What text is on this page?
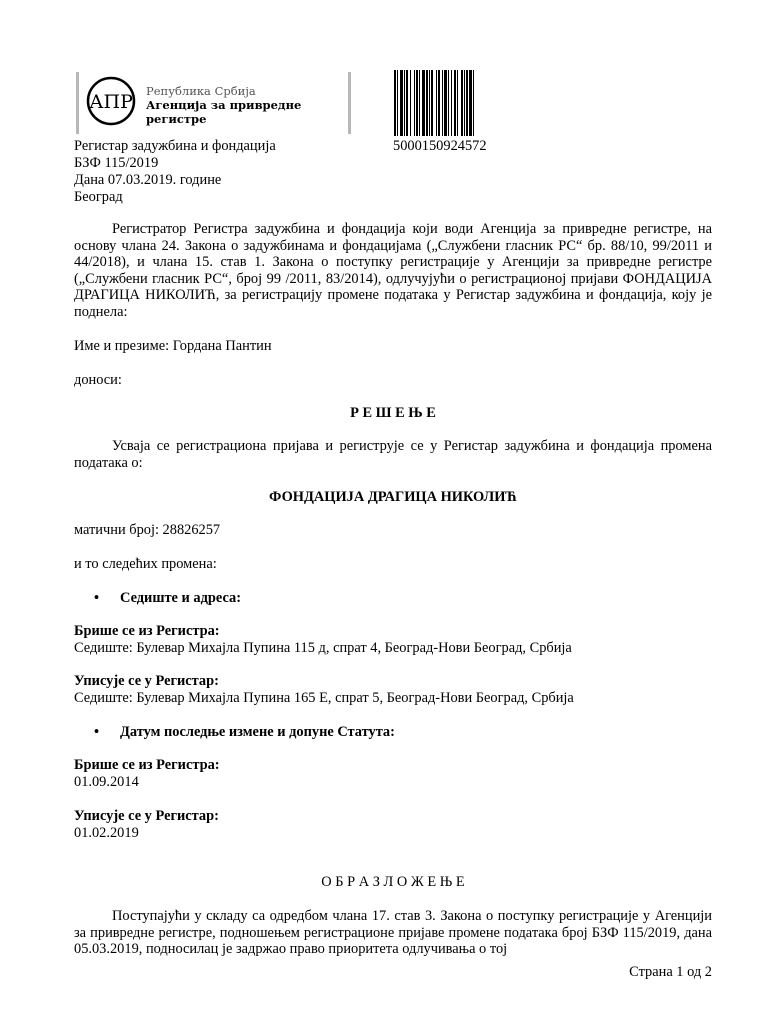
АПР Република Србија
Агенција за привредне регистре
5000150924572
Регистар задужбина и фондација
БЗФ 115/2019
Дана 07.03.2019. године
Београд
Регистратор Регистра задужбина и фондација који води Агенција за привредне регистре, на основу члана 24. Закона о задужбинама и фондацијама („Службени гласник РС“ бр. 88/10, 99/2011 и 44/2018), и члана 15. став 1. Закона о поступку регистрације у Агенцији за привредне регистре („Службени гласник РС“, број 99 /2011, 83/2014), одлучујући о регистрационој пријави ФОНДАЦИЈА ДРАГИЦА НИКОЛИЋ, за регистрацију промене података у Регистар задужбина и фондација, коју је поднела:
Име и презиме: Гордана Пантин
доноси:
Р Е Ш Е Њ Е
Усваја се регистрациона пријава и региструје се у Регистар задужбина и фондација промена података о:
ФОНДАЦИЈА ДРАГИЦА НИКОЛИЋ
матични број: 28826257
и то следећих промена:
• Седиште и адреса:
Брише се из Регистра:
Седиште: Булевар Михајла Пупина 115 д, спрат 4, Београд-Нови Београд, Србија
Уписује се у Регистар:
Седиште: Булевар Михајла Пупина 165 Е, спрат 5, Београд-Нови Београд, Србија
• Датум последње измене и допуне Статута:
Брише се из Регистра:
01.09.2014
Уписује се у Регистар:
01.02.2019
О Б Р А З Л О Ж Е Њ Е
Поступајући у складу са одредбом члана 17. став 3. Закона о поступку регистрације у Агенцији за привредне регистре, подношењем регистрационе пријаве промене података број БЗФ 115/2019, дана 05.03.2019, подносилац је задржао право приоритета одлучивања о тој
Страна 1 од 2
